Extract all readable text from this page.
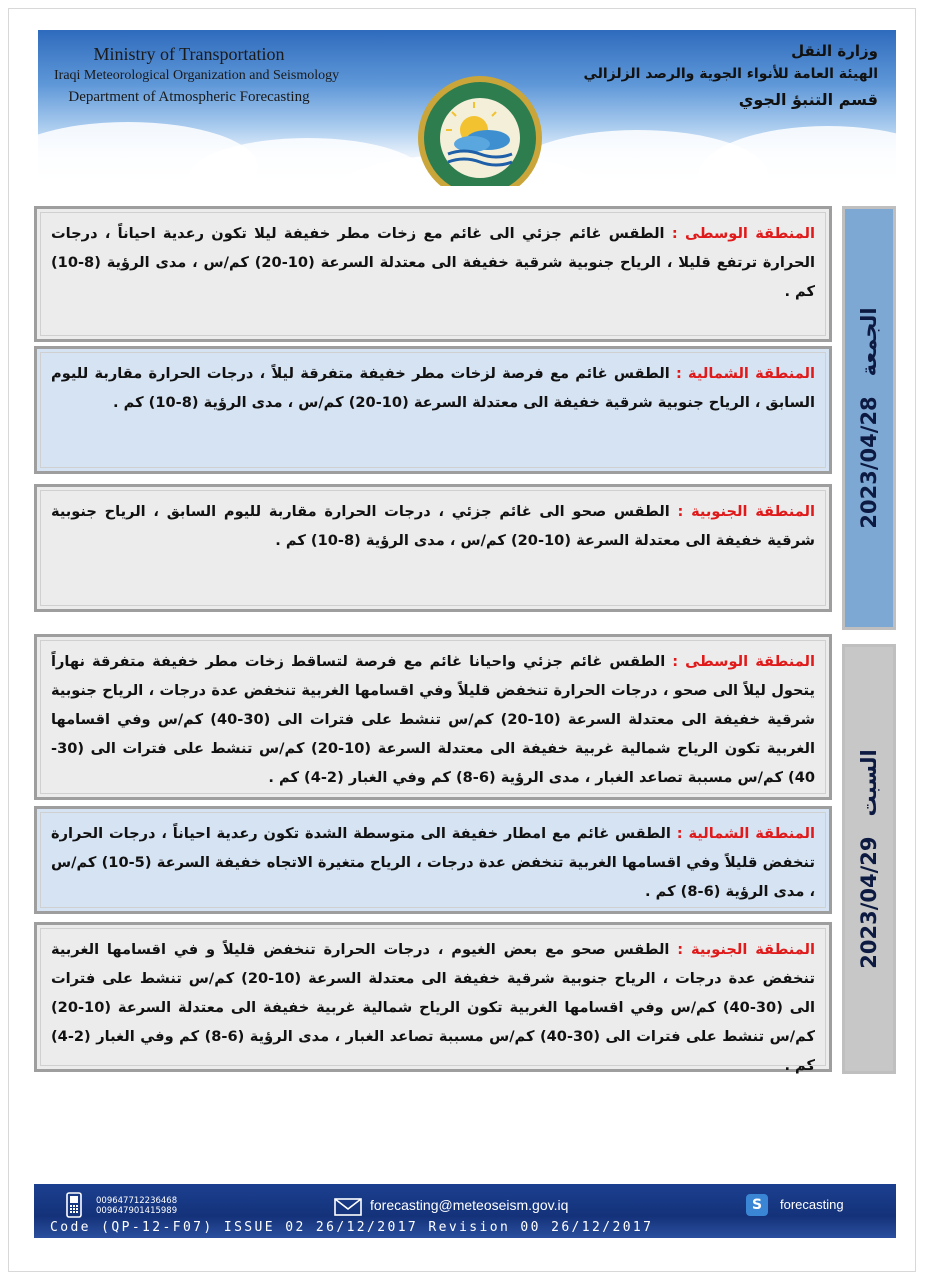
Ministry of Transportation
Iraqi Meteorological Organization and Seismology
Department of Atmospheric Forecasting
وزارة النقل
الهيئة العامة للأنواء الجوية والرصد الزلزالي
قسم التنبؤ الجوي
2023/04/28
الجمعة
2023/04/29
السبت
المنطقة الوسطى : الطقس غائم جزئي الى غائم مع زخات مطر خفيفة ليلا تكون رعدية احياناً ، درجات الحرارة ترتفع قليلا ، الرياح جنوبية شرقية خفيفة الى معتدلة السرعة (10-20) كم/س ، مدى الرؤية (8-10) كم .
المنطقة الشمالية : الطقس غائم مع فرصة لزخات مطر خفيفة متفرقة ليلاً ، درجات الحرارة مقاربة لليوم السابق ، الرياح جنوبية شرقية خفيفة الى معتدلة السرعة (10-20) كم/س ، مدى الرؤية (8-10) كم .
المنطقة الجنوبية : الطقس صحو الى غائم جزئي ، درجات الحرارة مقاربة لليوم السابق ، الرياح جنوبية شرقية خفيفة الى معتدلة السرعة (10-20) كم/س ، مدى الرؤية (8-10) كم .
المنطقة الوسطى : الطقس غائم جزئي واحيانا غائم مع فرصة لتساقط زخات مطر خفيفة متفرقة نهاراً يتحول ليلاً الى صحو ، درجات الحرارة تنخفض قليلاً وفي اقسامها الغربية تنخفض عدة درجات ، الرياح جنوبية شرقية خفيفة الى معتدلة السرعة (10-20) كم/س تنشط على فترات الى (30-40) كم/س وفي اقسامها الغربية تكون الرياح شمالية غربية خفيفة الى معتدلة السرعة (10-20) كم/س تنشط على فترات الى (30-40) كم/س مسببة تصاعد الغبار ، مدى الرؤية (6-8) كم وفي الغبار (2-4) كم .
المنطقة الشمالية : الطقس غائم مع امطار خفيفة الى متوسطة الشدة تكون رعدية احياناً ، درجات الحرارة تنخفض قليلاً وفي اقسامها الغربية تنخفض عدة درجات ، الرياح متغيرة الاتجاه خفيفة السرعة (5-10) كم/س ، مدى الرؤية (6-8) كم .
المنطقة الجنوبية : الطقس صحو مع بعض الغيوم ، درجات الحرارة تنخفض قليلاً و في اقسامها الغربية تنخفض عدة درجات ، الرياح جنوبية شرقية خفيفة الى معتدلة السرعة (10-20) كم/س تنشط على فترات الى (30-40) كم/س وفي اقسامها الغربية تكون الرياح شمالية غربية خفيفة الى معتدلة السرعة (10-20) كم/س تنشط على فترات الى (30-40) كم/س مسببة تصاعد الغبار ، مدى الرؤية (6-8) كم وفي الغبار (2-4) كم .
009647712236468
009647901415989	forecasting@meteoseism.gov.iq	S	forecasting
Code (QP-12-F07) ISSUE 02 26/12/2017 Revision 00 26/12/2017
